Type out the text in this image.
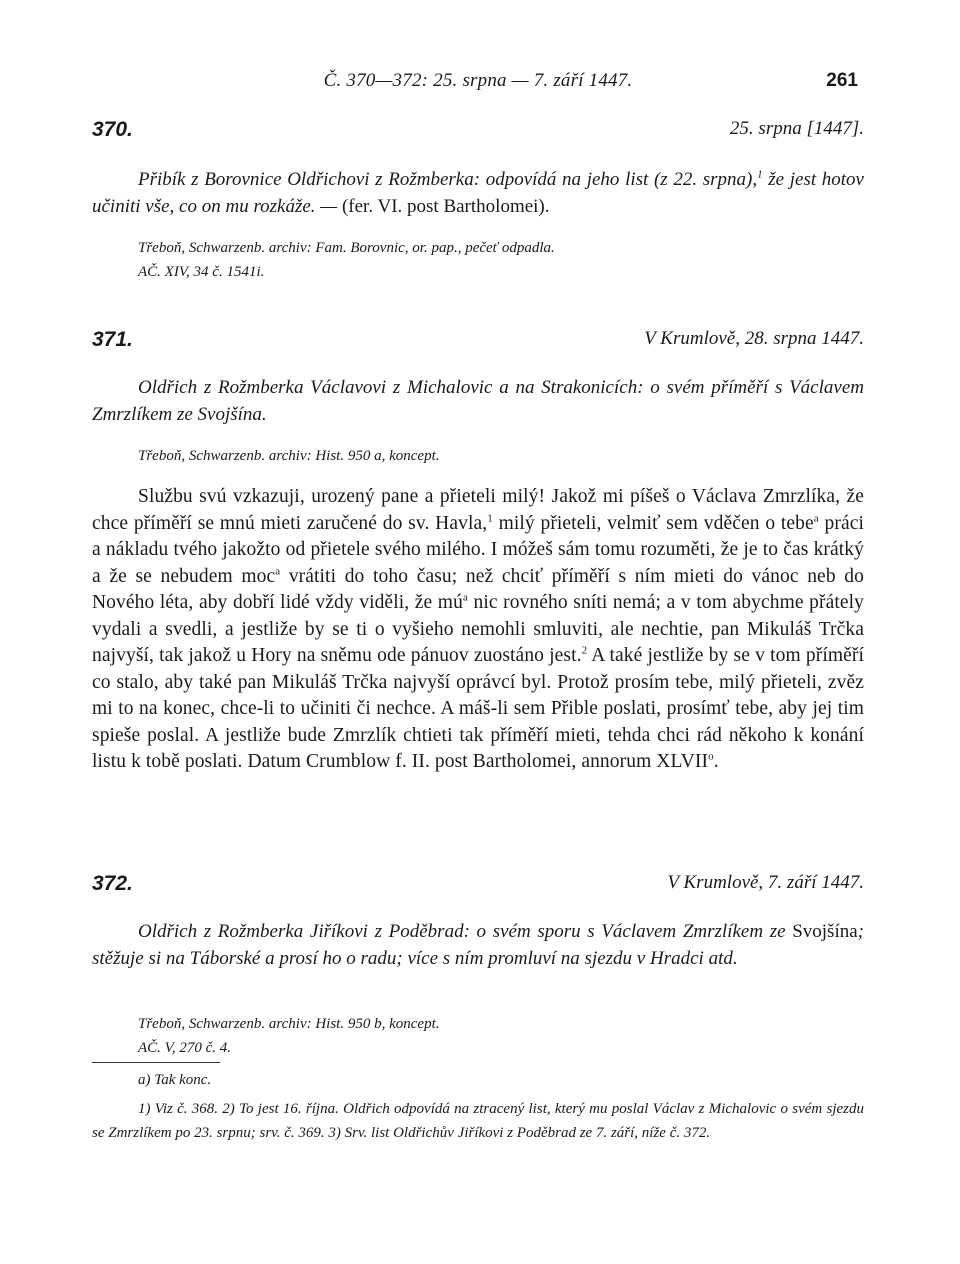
Č. 370—372: 25. srpna — 7. září 1447.	261
370.	25. srpna [1447].

Přibík z Borovnice Oldřichovi z Rožmberka: odpovídá na jeho list (z 22. srpna),$^1$ že jest hotov učiniti vše, co on mu rozkáže. — (fer. VI. post Bartholomei).

Třeboň, Schwarzenb. archiv: Fam. Borovnic, or. pap., pečeť odpadla.
AČ. XIV, 34 č. 1541i.

371.	V Krumlově, 28. srpna 1447.

Oldřich z Rožmberka Václavovi z Michalovic a na Strakonicích: o svém příměří s Václavem Zmrzlíkem ze Svojšína.

Třeboň, Schwarzenb. archiv: Hist. 950 a, koncept.

Službu svú vzkazuji, urozený pane a přieteli milý! Jakož mi píšeš o Václava Zmrzlíka, že chce příměří se mnú mieti zaručené do sv. Havla,$^1$ milý přieteli, velmiť sem vděčen o tebe$^a$ práci a nákladu tvého jakožto od přietele svého milého. I móžeš sám tomu rozuměti, že je to čas krátký a že se nebudem moc$^a$ vrátiti do toho času; než chciť příměří s ním mieti do vánoc neb do Nového léta, aby dobří lidé vždy viděli, že $mú^a$ nic rovného sníti nemá; a v tom abychme přátely vydali a svedli, a jestliže by se ti o vyšieho nemohli smluviti, ale nechtie, pan Mikuláš Trčka najvyší, tak jakož u Hory na sněmu ode pánuov zuostáno jest.$^2$ A také jestliže by se v tom příměří co stalo, aby také pan Mikuláš Trčka najvyší oprávcí byl. Protož prosím tebe, milý přieteli, zvěz mi to na konec, chce-li to učiniti či nechce. A máš-li sem Přible poslati, prosímť tebe, aby jej tim spieše poslal. A jestliže bude Zmrzlík chtieti tak příměří mieti, tehda chci rád někoho k konání listu k tobě poslati. Datum Crumblow f. II. post Bartholomei, annorum XLVII$^o$.

372.	V Krumlově, 7. září 1447.

Oldřich z Rožmberka Jiříkovi z Poděbrad: o svém sporu s Václavem Zmrzlíkem ze Svojšína; stěžuje si na Táborské a prosí ho o radu; více s ním promluví na sjezdu v Hradci atd.

Třeboň, Schwarzenb. archiv: Hist. 950 b, koncept.
AČ. V, 270 č. 4.

a) Tak konc.

1) Viz č. 368. 2) To jest 16. října. Oldřich odpovídá na ztracený list, který mu poslal Václav z Michalovic o svém sjezdu se Zmrzlíkem po 23. srpnu; srv. č. 369. 3) Srv. list Oldřichův Jiříkovi z Poděbrad ze 7. září, níže č. 372.
